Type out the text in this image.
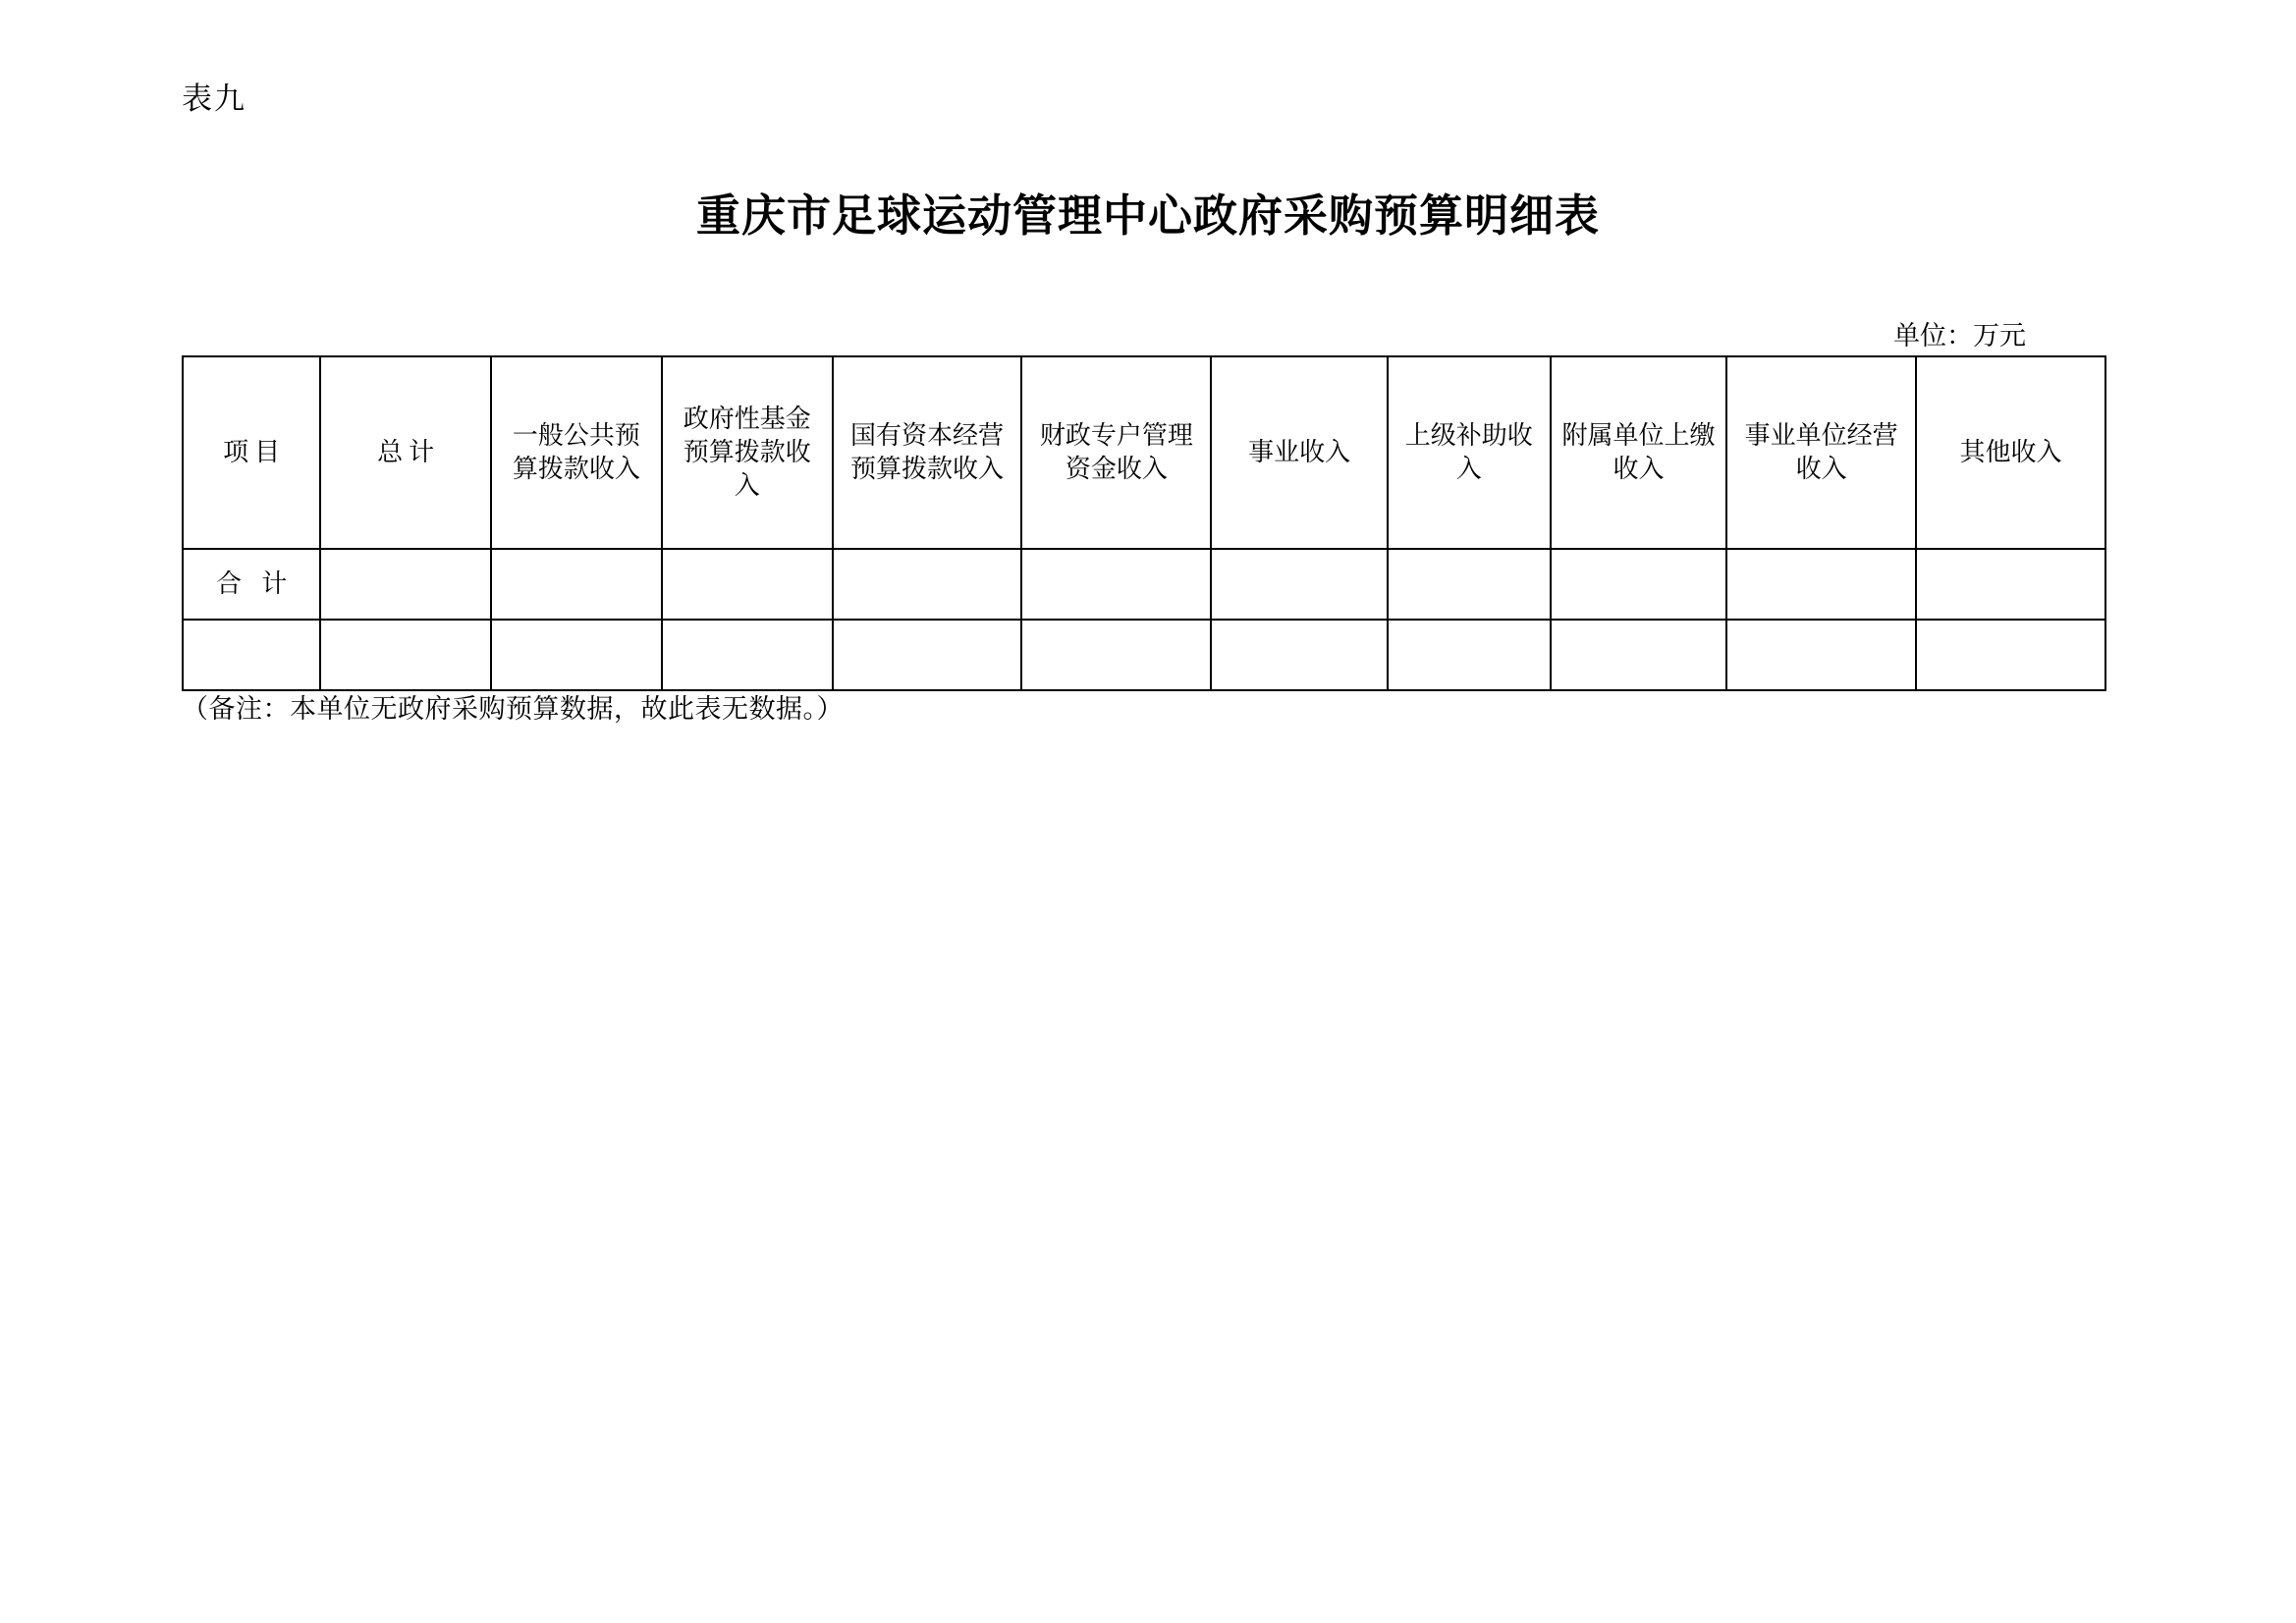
表九
重庆市足球运动管理中心政府采购预算明细表
单位：万元
项目	总计	一般公共预算拨款收入	政府性基金预算拨款收入	国有资本经营预算拨款收入	财政专户管理资金收入	事业收入	上级补助收入	附属单位上缴收入	事业单位经营收入	其他收入
合 计										

（备注：本单位无政府采购预算数据，故此表无数据。）
